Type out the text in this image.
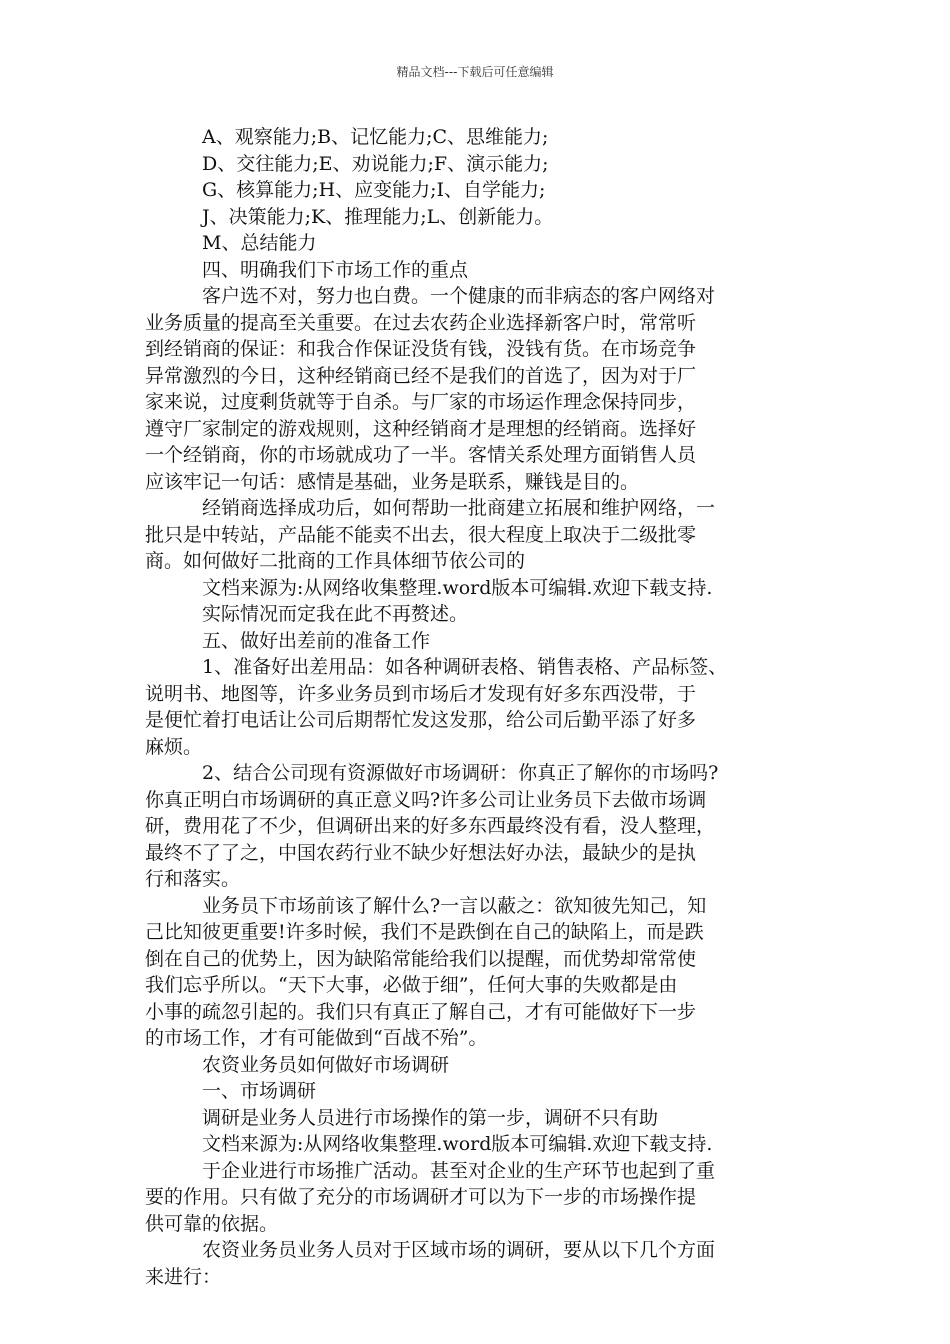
精品文档---下载后可任意编辑
A、观察能力;B、记忆能力;C、思维能力;
D、交往能力;E、劝说能力;F、演示能力;
G、核算能力;H、应变能力;I、自学能力;
J、决策能力;K、推理能力;L、创新能力。
M、总结能力
四、明确我们下市场工作的重点
客户选不对，努力也白费。一个健康的而非病态的客户网络对
业务质量的提高至关重要。在过去农药企业选择新客户时，常常听
到经销商的保证：和我合作保证没货有钱，没钱有货。在市场竞争
异常激烈的今日，这种经销商已经不是我们的首选了，因为对于厂
家来说，过度剩货就等于自杀。与厂家的市场运作理念保持同步，
遵守厂家制定的游戏规则，这种经销商才是理想的经销商。选择好
一个经销商，你的市场就成功了一半。客情关系处理方面销售人员
应该牢记一句话：感情是基础，业务是联系，赚钱是目的。
经销商选择成功后，如何帮助一批商建立拓展和维护网络，一
批只是中转站，产品能不能卖不出去，很大程度上取决于二级批零
商。如何做好二批商的工作具体细节依公司的
文档来源为:从网络收集整理.word版本可编辑.欢迎下载支持.
实际情况而定我在此不再赘述。
五、做好出差前的准备工作
1、准备好出差用品：如各种调研表格、销售表格、产品标签、
说明书、地图等，许多业务员到市场后才发现有好多东西没带，于
是便忙着打电话让公司后期帮忙发这发那，给公司后勤平添了好多
麻烦。
2、结合公司现有资源做好市场调研：你真正了解你的市场吗?
你真正明白市场调研的真正意义吗?许多公司让业务员下去做市场调
研，费用花了不少，但调研出来的好多东西最终没有看，没人整理，
最终不了了之，中国农药行业不缺少好想法好办法，最缺少的是执
行和落实。
业务员下市场前该了解什么?一言以蔽之：欲知彼先知己，知
己比知彼更重要!许多时候，我们不是跌倒在自己的缺陷上，而是跌
倒在自己的优势上，因为缺陷常能给我们以提醒，而优势却常常使
我们忘乎所以。“天下大事，必做于细”，任何大事的失败都是由
小事的疏忽引起的。我们只有真正了解自己，才有可能做好下一步
的市场工作，才有可能做到“百战不殆”。
农资业务员如何做好市场调研
一、市场调研
调研是业务人员进行市场操作的第一步，调研不只有助
文档来源为:从网络收集整理.word版本可编辑.欢迎下载支持.
于企业进行市场推广活动。甚至对企业的生产环节也起到了重
要的作用。只有做了充分的市场调研才可以为下一步的市场操作提
供可靠的依据。
农资业务员业务人员对于区域市场的调研，要从以下几个方面
来进行：
